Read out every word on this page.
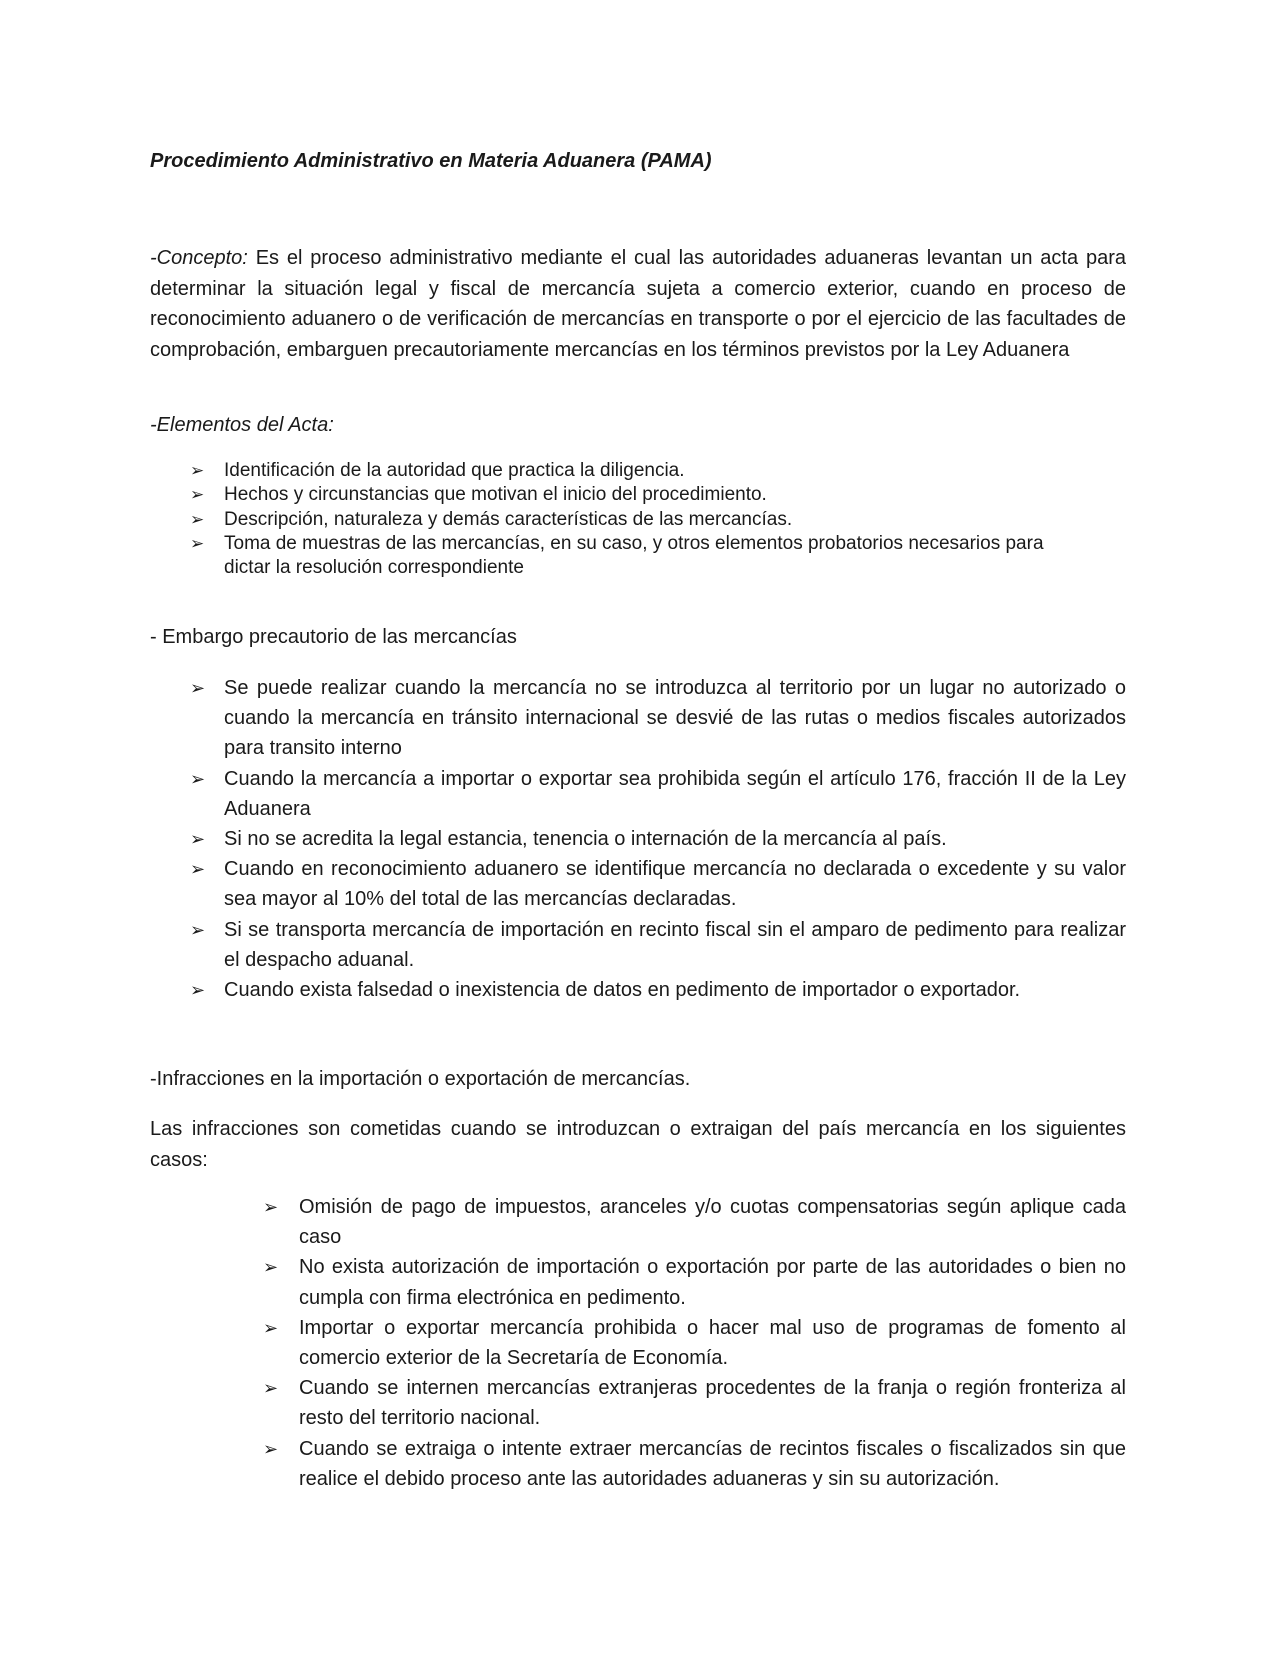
Procedimiento Administrativo en Materia Aduanera (PAMA)

-Concepto: Es el proceso administrativo mediante el cual las autoridades aduaneras levantan un acta para determinar la situación legal y fiscal de mercancía sujeta a comercio exterior, cuando en proceso de reconocimiento aduanero o de verificación de mercancías en transporte o por el ejercicio de las facultades de comprobación, embarguen precautoriamente mercancías en los términos previstos por la Ley Aduanera

-Elementos del Acta:
➢ Identificación de la autoridad que practica la diligencia.
➢ Hechos y circunstancias que motivan el inicio del procedimiento.
➢ Descripción, naturaleza y demás características de las mercancías.
➢ Toma de muestras de las mercancías, en su caso, y otros elementos probatorios necesarios para dictar la resolución correspondiente
- Embargo precautorio de las mercancías
➢ Se puede realizar cuando la mercancía no se introduzca al territorio por un lugar no autorizado o cuando la mercancía en tránsito internacional se desvié de las rutas o medios fiscales autorizados para transito interno
➢ Cuando la mercancía a importar o exportar sea prohibida según el artículo 176, fracción II de la Ley Aduanera
➢ Si no se acredita la legal estancia, tenencia o internación de la mercancía al país.
➢ Cuando en reconocimiento aduanero se identifique mercancía no declarada o excedente y su valor sea mayor al 10% del total de las mercancías declaradas.
➢ Si se transporta mercancía de importación en recinto fiscal sin el amparo de pedimento para realizar el despacho aduanal.
➢ Cuando exista falsedad o inexistencia de datos en pedimento de importador o exportador.
-Infracciones en la importación o exportación de mercancías.

Las infracciones son cometidas cuando se introduzcan o extraigan del país mercancía en los siguientes casos:

➢ Omisión de pago de impuestos, aranceles y/o cuotas compensatorias según aplique cada caso
➢ No exista autorización de importación o exportación por parte de las autoridades o bien no cumpla con firma electrónica en pedimento.
➢ Importar o exportar mercancía prohibida o hacer mal uso de programas de fomento al comercio exterior de la Secretaría de Economía.
➢ Cuando se internen mercancías extranjeras procedentes de la franja o región fronteriza al resto del territorio nacional.
➢ Cuando se extraiga o intente extraer mercancías de recintos fiscales o fiscalizados sin que realice el debido proceso ante las autoridades aduaneras y sin su autorización.
